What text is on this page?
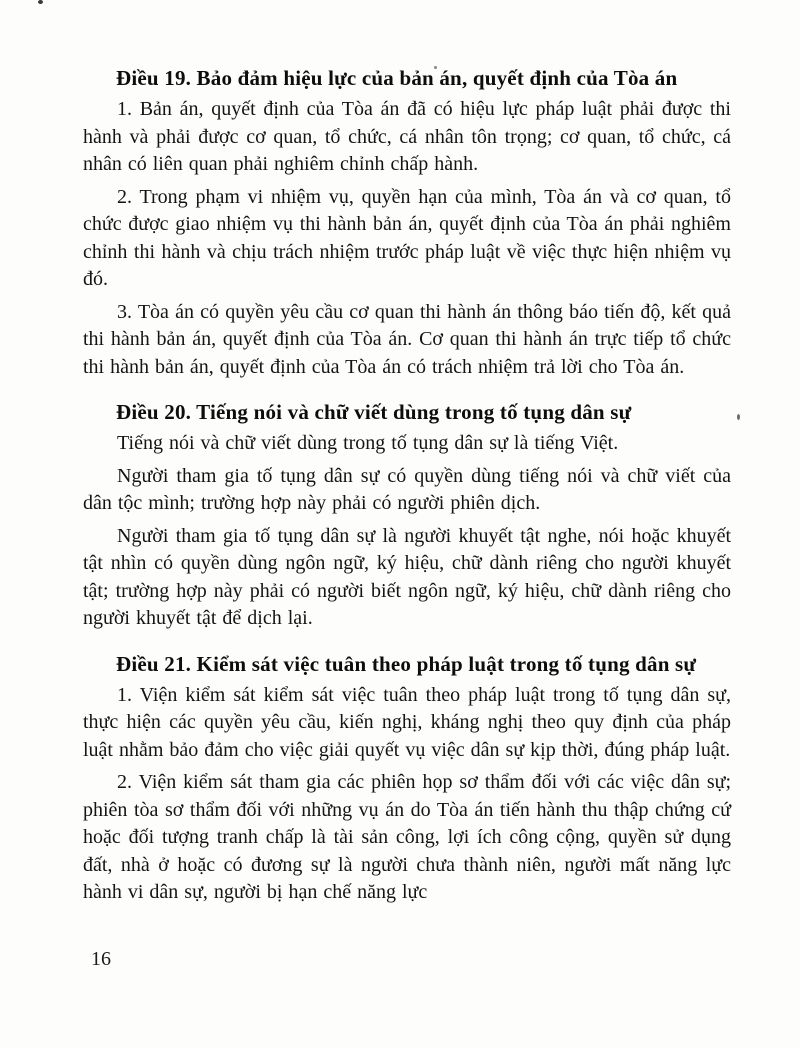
Điều 19. Bảo đảm hiệu lực của bản án, quyết định của Tòa án

1. Bản án, quyết định của Tòa án đã có hiệu lực pháp luật phải được thi hành và phải được cơ quan, tổ chức, cá nhân tôn trọng; cơ quan, tổ chức, cá nhân có liên quan phải nghiêm chỉnh chấp hành.

2. Trong phạm vi nhiệm vụ, quyền hạn của mình, Tòa án và cơ quan, tổ chức được giao nhiệm vụ thi hành bản án, quyết định của Tòa án phải nghiêm chỉnh thi hành và chịu trách nhiệm trước pháp luật về việc thực hiện nhiệm vụ đó.

3. Tòa án có quyền yêu cầu cơ quan thi hành án thông báo tiến độ, kết quả thi hành bản án, quyết định của Tòa án. Cơ quan thi hành án trực tiếp tổ chức thi hành bản án, quyết định của Tòa án có trách nhiệm trả lời cho Tòa án.

Điều 20. Tiếng nói và chữ viết dùng trong tố tụng dân sự

Tiếng nói và chữ viết dùng trong tố tụng dân sự là tiếng Việt.

Người tham gia tố tụng dân sự có quyền dùng tiếng nói và chữ viết của dân tộc mình; trường hợp này phải có người phiên dịch.

Người tham gia tố tụng dân sự là người khuyết tật nghe, nói hoặc khuyết tật nhìn có quyền dùng ngôn ngữ, ký hiệu, chữ dành riêng cho người khuyết tật; trường hợp này phải có người biết ngôn ngữ, ký hiệu, chữ dành riêng cho người khuyết tật để dịch lại.

Điều 21. Kiểm sát việc tuân theo pháp luật trong tố tụng dân sự

1. Viện kiểm sát kiểm sát việc tuân theo pháp luật trong tố tụng dân sự, thực hiện các quyền yêu cầu, kiến nghị, kháng nghị theo quy định của pháp luật nhằm bảo đảm cho việc giải quyết vụ việc dân sự kịp thời, đúng pháp luật.

2. Viện kiểm sát tham gia các phiên họp sơ thẩm đối với các việc dân sự; phiên tòa sơ thẩm đối với những vụ án do Tòa án tiến hành thu thập chứng cứ hoặc đối tượng tranh chấp là tài sản công, lợi ích công cộng, quyền sử dụng đất, nhà ở hoặc có đương sự là người chưa thành niên, người mất năng lực hành vi dân sự, người bị hạn chế năng lực

16
